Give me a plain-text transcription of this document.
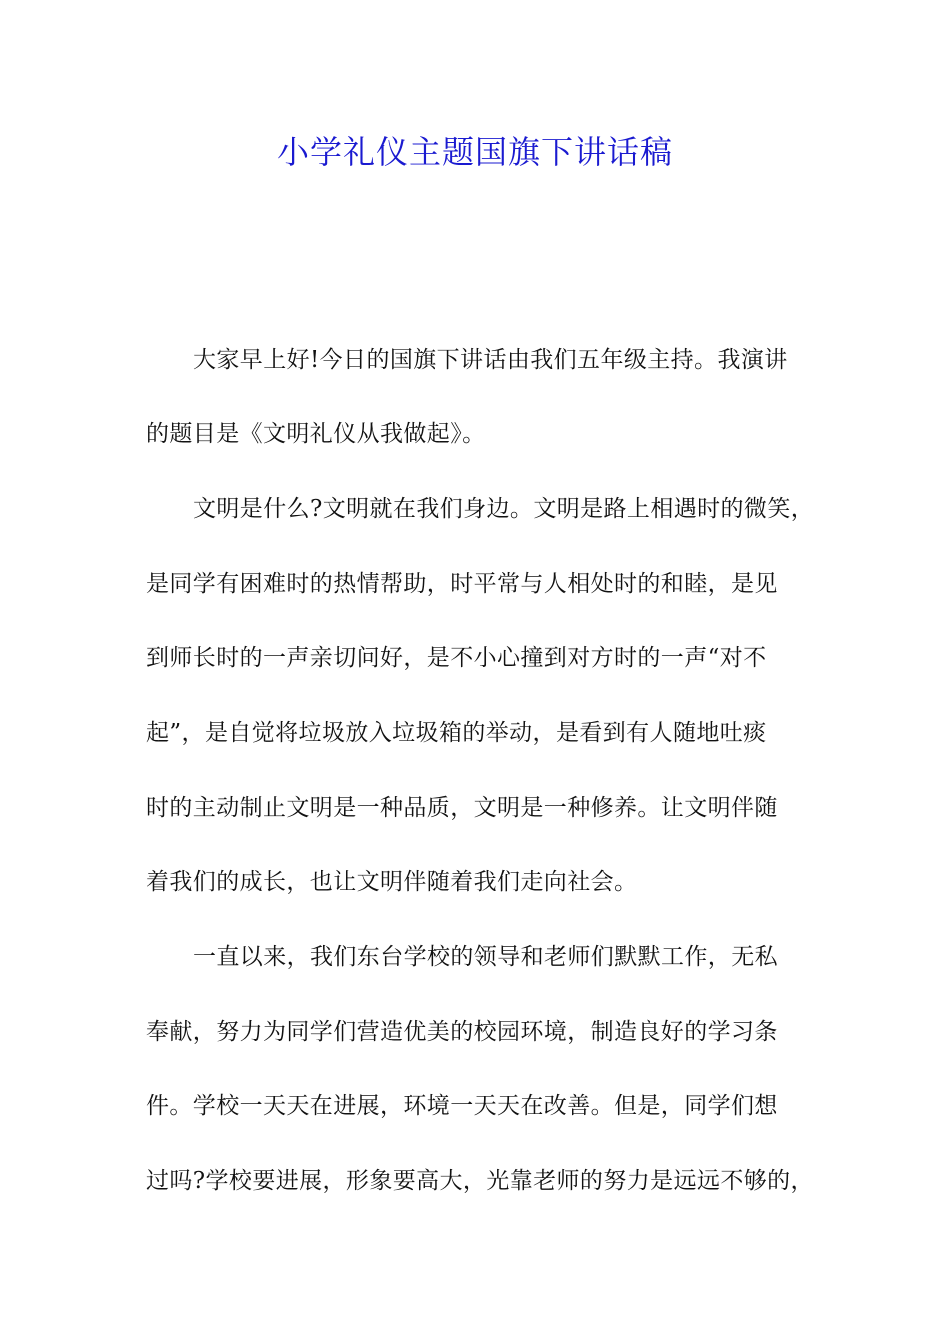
小学礼仪主题国旗下讲话稿
大家早上好!今日的国旗下讲话由我们五年级主持。我演讲
的题目是《文明礼仪从我做起》。
文明是什么?文明就在我们身边。文明是路上相遇时的微笑，
是同学有困难时的热情帮助，时平常与人相处时的和睦，是见
到师长时的一声亲切问好，是不小心撞到对方时的一声“对不
起”，是自觉将垃圾放入垃圾箱的举动，是看到有人随地吐痰
时的主动制止文明是一种品质，文明是一种修养。让文明伴随
着我们的成长，也让文明伴随着我们走向社会。
一直以来，我们东台学校的领导和老师们默默工作，无私
奉献，努力为同学们营造优美的校园环境，制造良好的学习条
件。学校一天天在进展，环境一天天在改善。但是，同学们想
过吗?学校要进展，形象要高大，光靠老师的努力是远远不够的，
